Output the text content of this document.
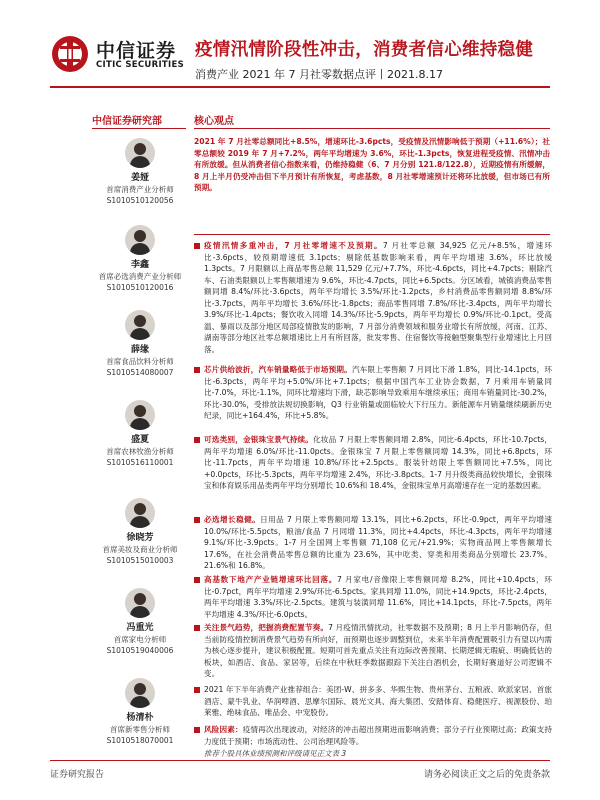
中信证券
CITIC SECURITIES
疫情汛情阶段性冲击，消费者信心维持稳健
消费产业 2021 年 7 月社零数据点评丨2021.8.17
中信证券研究部
姜娅
首席消费产业分析师
S1010510120056
李鑫
首席必选消费产业分析师
S1010510120016
薛缘
首席食品饮料分析师
S1010514080007
盛夏
首席农林牧渔分析师
S1010516110001
徐晓芳
首席美妆及商业分析师
S1010515010003
冯重光
首席家电分析师
S1010519040006
杨清朴
首席新零售分析师
S1010518070001
核心观点
2021 年 7 月社零总额同比+8.5%，增速环比-3.6pcts，受疫情及汛情影响低于预期（+11.6%）；社零总额较 2019 年 7 月+7.2%，两年平均增速为 3.6%，环比-1.3pcts，恢复进程受疫情、汛情冲击有所放缓。但从消费者信心指数来看，仍维持稳健（6、7 月分别 121.8/122.8），近期疫情有所缓解，8 月上半月仍受冲击但下半月预计有所恢复，考虑基数，8 月社零增速预计还将环比放缓，但市场已有所预期。
疫情汛情多重冲击，7 月社零增速不及预期。7 月社零总额 34,925 亿元/+8.5%，增速环比-3.6pcts，较预期增速低 3.1pcts；剔除低基数影响来看，两年平均增速 3.6%，环比放缓 1.3pcts。7 月限额以上商品零售总额 11,529 亿元/+7.7%，环比-4.6pcts，同比+4.7pcts；剔除汽车、石油类限额以上零售额增速为 9.6%，环比-4.7pcts，同比+6.5pcts。分区域看，城镇消费品零售额同增 8.4%/环比-3.6pcts，两年平均增长 3.5%/环比-1.2pcts，乡村消费品零售额同增 8.8%/环比-3.7pcts，两年平均增长 3.6%/环比-1.8pcts；商品零售同增 7.8%/环比-3.4pcts，两年平均增长 3.9%/环比-1.4pcts；餐饮收入同增 14.3%/环比-5.9pcts，两年平均增长 0.9%/环比-0.1pct。受高温、暴雨以及部分地区局部疫情散发的影响，7 月部分消费领域和服务业增长有所放缓，河南、江苏、湖南等部分地区社零总额增速比上月有所回落，批发零售、住宿餐饮等接触型聚集型行业增速比上月回落。
芯片供给波折，汽车销量略低于市场预期。汽车限上零售额 7 月同比下滑 1.8%，同比-14.1pcts，环比-6.3pcts，两年平均+5.0%/环比+7.1pcts；根据中国汽车工业协会数据，7 月乘用车销量同比-7.0%，环比-1.1%，同环比增速均下滑，缺芯影响导致乘用车继续承压；商用车销量同比-30.2%，环比-30.0%，受排放法规切换影响，Q3 行业销量或面临较大下行压力。新能源车月销量继续刷新历史纪录，同比+164.4%，环比+5.8%。
可选类别，金银珠宝景气持续。化妆品 7 月限上零售额同增 2.8%，同比-6.4pcts，环比-10.7pcts，两年平均增速 6.0%/环比-11.0pcts。金银珠宝 7 月限上零售额同增 14.3%，同比+6.8pcts，环比-11.7pcts，两年平均增速 10.8%/环比+2.5pcts。服装针纺限上零售额同比+7.5%，同比+0.0pcts，环比-5.3pcts，两年平均增速 2.4%，环比-3.8pcts。1-7 月升级类商品较快增长，金银珠宝和体育娱乐用品类两年平均分别增长 10.6%和 18.4%，金银珠宝单月高增速存在一定的基数因素。
必选增长稳健。日用品 7 月限上零售额同增 13.1%，同比+6.2pcts，环比-0.9pct，两年平均增速 10.0%/环比-5.5pcts，粮油/食品 7 月同增 11.3%，同比+4.4pcts，环比-4.3pcts，两年平均增速 9.1%/环比-3.9pcts。1-7 月全国网上零售额 71,108 亿元/+21.9%；实物商品网上零售额增长 17.6%，在社会消费品零售总额的比重为 23.6%，其中吃类、穿类和用类商品分别增长 23.7%、21.6%和 16.8%。
高基数下地产产业链增速环比回落。7 月家电/音像限上零售额同增 8.2%，同比+10.4pcts，环比-0.7pct，两年平均增速 2.9%/环比-6.5pcts。家具同增 11.0%，同比+14.9pcts，环比-2.4pcts，两年平均增速 3.3%/环比-2.5pcts。建筑与装潢同增 11.6%，同比+14.1pcts，环比-7.5pcts，两年平均增速 4.3%/环比-6.0pcts。
关注景气趋势，把握消费配置节奏。7 月疫情汛情扰动，社零数据不及预期；8 月上半月影响仍存，但当前防疫情控制消费景气趋势有所向好，而预期也逐步调整到位，未来半年消费配置吸引力有望以内需为核心逐步提升，建议积极配置。短期可首先重点关注有边际改善预期、长期逻辑无瑕疵、明确低估的板块，如酒店、食品、家居等，后续在中秋旺季数据跟踪下关注白酒机会，长期好赛道好公司逻辑不变。
2021 年下半年消费产业推荐组合：美团-W、拼多多、华熙生物、贵州茅台、五粮液、欧派家居、首旅酒店、蒙牛乳业、华润啤酒、思摩尔国际、晨光文具、海大集团、安踏体育、稳健医疗、视源股份、珀莱雅、绝味食品、唯品会、中宠股份。
风险因素：疫情再次出现波动，对经济的冲击超出预期进而影响消费；部分子行业预期过高；政策支持力度低于预期；市场流动性、公司治理风险等。
推荐个股具体业绩预测和评级请见正文表 3
证券研究报告	请务必阅读正文之后的免责条款
